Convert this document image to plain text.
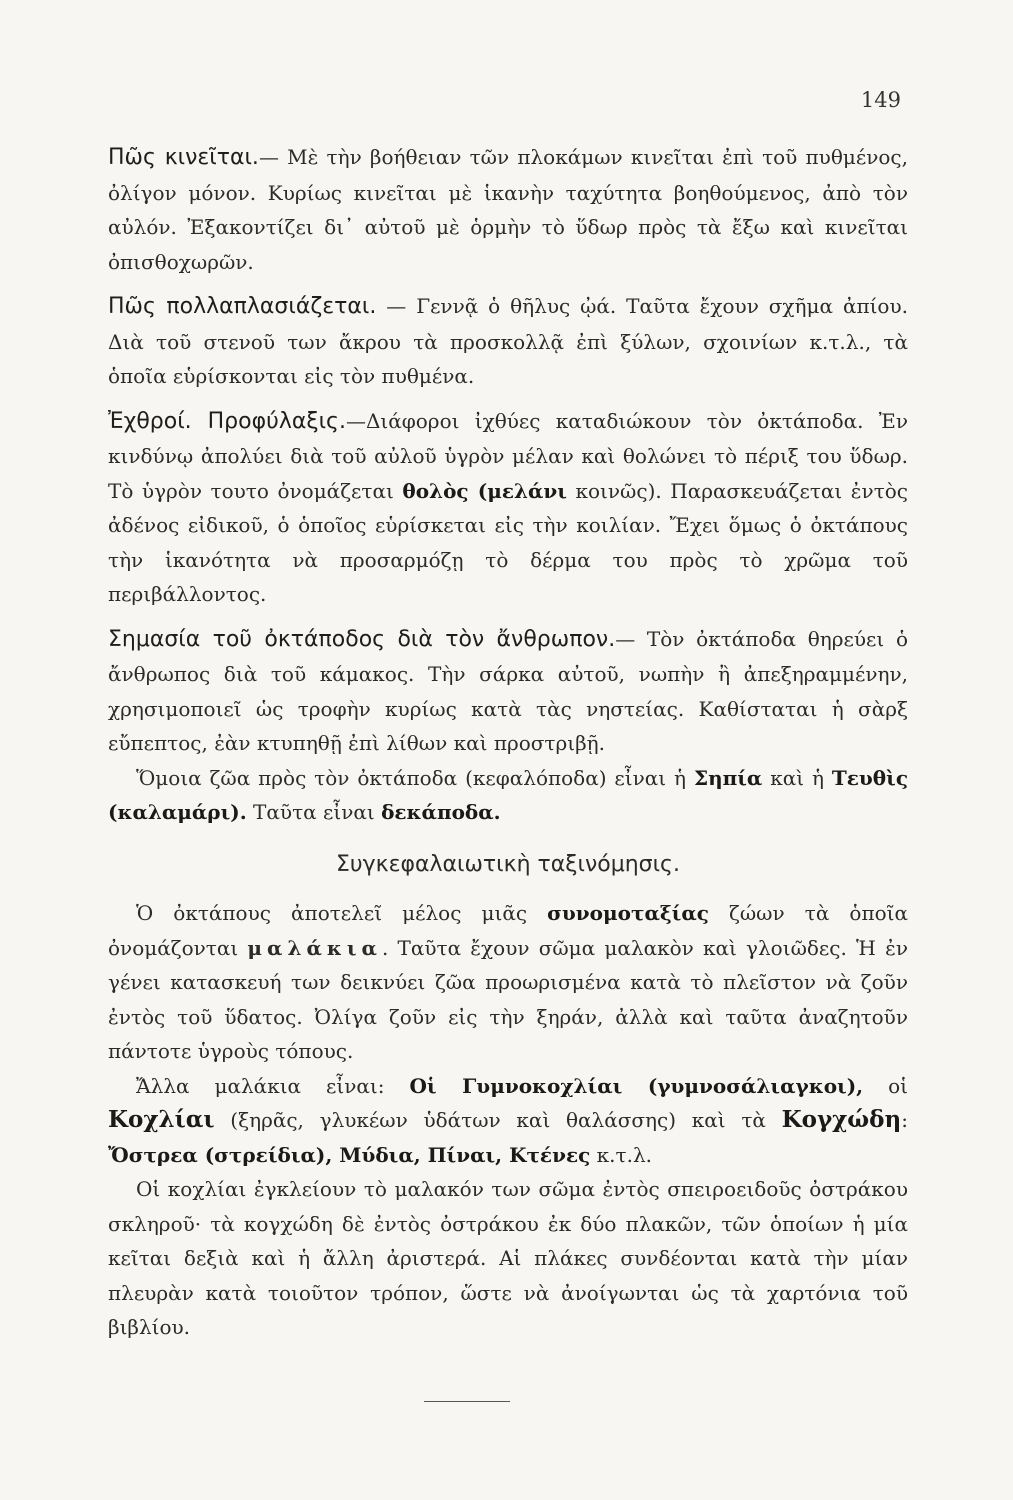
149

Πῶς κινεῖται.— Μὲ τὴν βοήθειαν τῶν πλοκάμων κινεῖται ἐπὶ τοῦ πυθμένος, ὀλίγον μόνον. Κυρίως κινεῖται μὲ ἱκανὴν ταχύτητα βοηθούμενος, ἀπὸ τὸν αὐλόν. Ἐξακοντίζει δι᾽ αὐτοῦ μὲ ὁρμὴν τὸ ὕδωρ πρὸς τὰ ἔξω καὶ κινεῖται ὀπισθοχωρῶν.

Πῶς πολλαπλασιάζεται. — Γεννᾷ ὁ θῆλυς ᾠά. Ταῦτα ἔχουν σχῆμα ἀπίου. Διὰ τοῦ στενοῦ των ἄκρου τὰ προσκολλᾷ ἐπὶ ξύλων, σχοινίων κ.τ.λ., τὰ ὁποῖα εὑρίσκονται εἰς τὸν πυθμένα.

Ἐχθροί. Προφύλαξις.—Διάφοροι ἰχθύες καταδιώκουν τὸν ὀκτάποδα. Ἐν κινδύνῳ ἀπολύει διὰ τοῦ αὐλοῦ ὑγρὸν μέλαν καὶ θολώνει τὸ πέριξ του ὕδωρ. Τὸ ὑγρὸν τουτο ὀνομάζεται θολὸς (μελάνι κοινῶς). Παρασκευάζεται ἐντὸς ἀδένος εἰδικοῦ, ὁ ὁποῖος εὑρίσκεται εἰς τὴν κοιλίαν. Ἔχει ὅμως ὁ ὀκτάπους τὴν ἱκανότητα νὰ προσαρμόζῃ τὸ δέρμα του πρὸς τὸ χρῶμα τοῦ περιβάλλοντος.

Σημασία τοῦ ὀκτάποδος διὰ τὸν ἄνθρωπον.— Τὸν ὀκτάποδα θηρεύει ὁ ἄνθρωπος διὰ τοῦ κάμακος. Τὴν σάρκα αὐτοῦ, νωπὴν ἢ ἀπεξηραμμένην, χρησιμοποιεῖ ὡς τροφὴν κυρίως κατὰ τὰς νηστείας. Καθίσταται ἡ σὰρξ εὔπεπτος, ἐὰν κτυπηθῇ ἐπὶ λίθων καὶ προστριβῇ.

Ὅμοια ζῶα πρὸς τὸν ὀκτάποδα (κεφαλόποδα) εἶναι ἡ Σηπία καὶ ἡ Τευθὶς (καλαμάρι). Ταῦτα εἶναι δεκάποδα.

Συγκεφαλαιωτικὴ ταξινόμησις.

Ὁ ὀκτάπους ἀποτελεῖ μέλος μιᾶς συνομοταξίας ζώων τὰ ὁποῖα ὀνομάζονται μαλάκια. Ταῦτα ἔχουν σῶμα μαλακὸν καὶ γλοιῶδες. Ἡ ἐν γένει κατασκευή των δεικνύει ζῶα προωρισμένα κατὰ τὸ πλεῖστον νὰ ζοῦν ἐντὸς τοῦ ὕδατος. Ὀλίγα ζοῦν εἰς τὴν ξηράν, ἀλλὰ καὶ ταῦτα ἀναζητοῦν πάντοτε ὑγροὺς τόπους.

Ἄλλα μαλάκια εἶναι: Οἱ Γυμνοκοχλίαι (γυμνοσάλιαγκοι), οἱ Κοχλίαι (ξηρᾶς, γλυκέων ὑδάτων καὶ θαλάσσης) καὶ τὰ Κογχώδη: Ὄστρεα (στρείδια), Μύδια, Πίναι, Κτένες κ.τ.λ.

Οἱ κοχλίαι ἐγκλείουν τὸ μαλακόν των σῶμα ἐντὸς σπειροειδοῦς ὀστράκου σκληροῦ· τὰ κογχώδη δὲ ἐντὸς ὀστράκου ἐκ δύο πλακῶν, τῶν ὁποίων ἡ μία κεῖται δεξιὰ καὶ ἡ ἄλλη ἀριστερά. Αἱ πλάκες συνδέονται κατὰ τὴν μίαν πλευρὰν κατὰ τοιοῦτον τρόπον, ὥστε νὰ ἀνοίγωνται ὡς τὰ χαρτόνια τοῦ βιβλίου.
